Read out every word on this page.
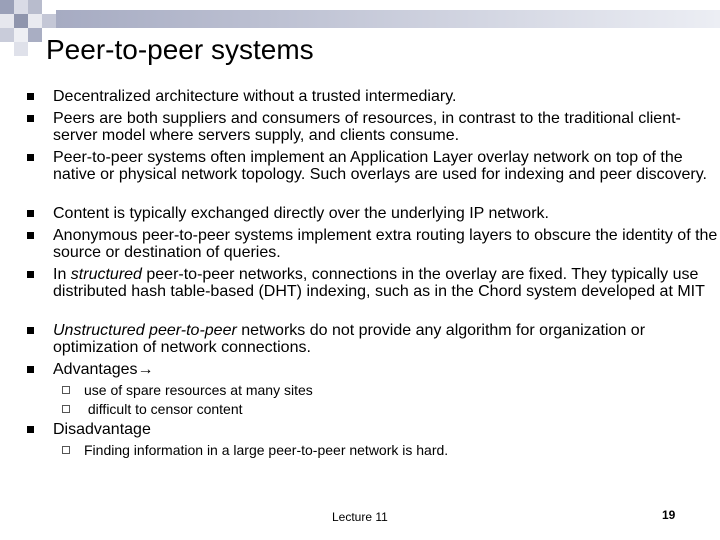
Peer-to-peer systems
Decentralized architecture without a trusted intermediary.
Peers are both suppliers and consumers of resources, in contrast to the traditional client-server model where servers supply, and clients consume.
Peer-to-peer systems often implement an Application Layer overlay network on top of the native or physical network topology. Such overlays are used for indexing and peer discovery.
Content is typically exchanged directly over the underlying IP network.
Anonymous peer-to-peer systems implement extra routing layers to obscure the identity of the source or destination of queries.
In structured peer-to-peer networks, connections in the overlay are fixed. They typically use distributed hash table-based (DHT) indexing, such as in the Chord system developed at MIT
Unstructured peer-to-peer networks do not provide any algorithm for organization or optimization of network connections.
Advantages→
use of spare resources at many sites
difficult to censor content
Disadvantage
Finding information in a large peer-to-peer network is hard.
Lecture 11	19
